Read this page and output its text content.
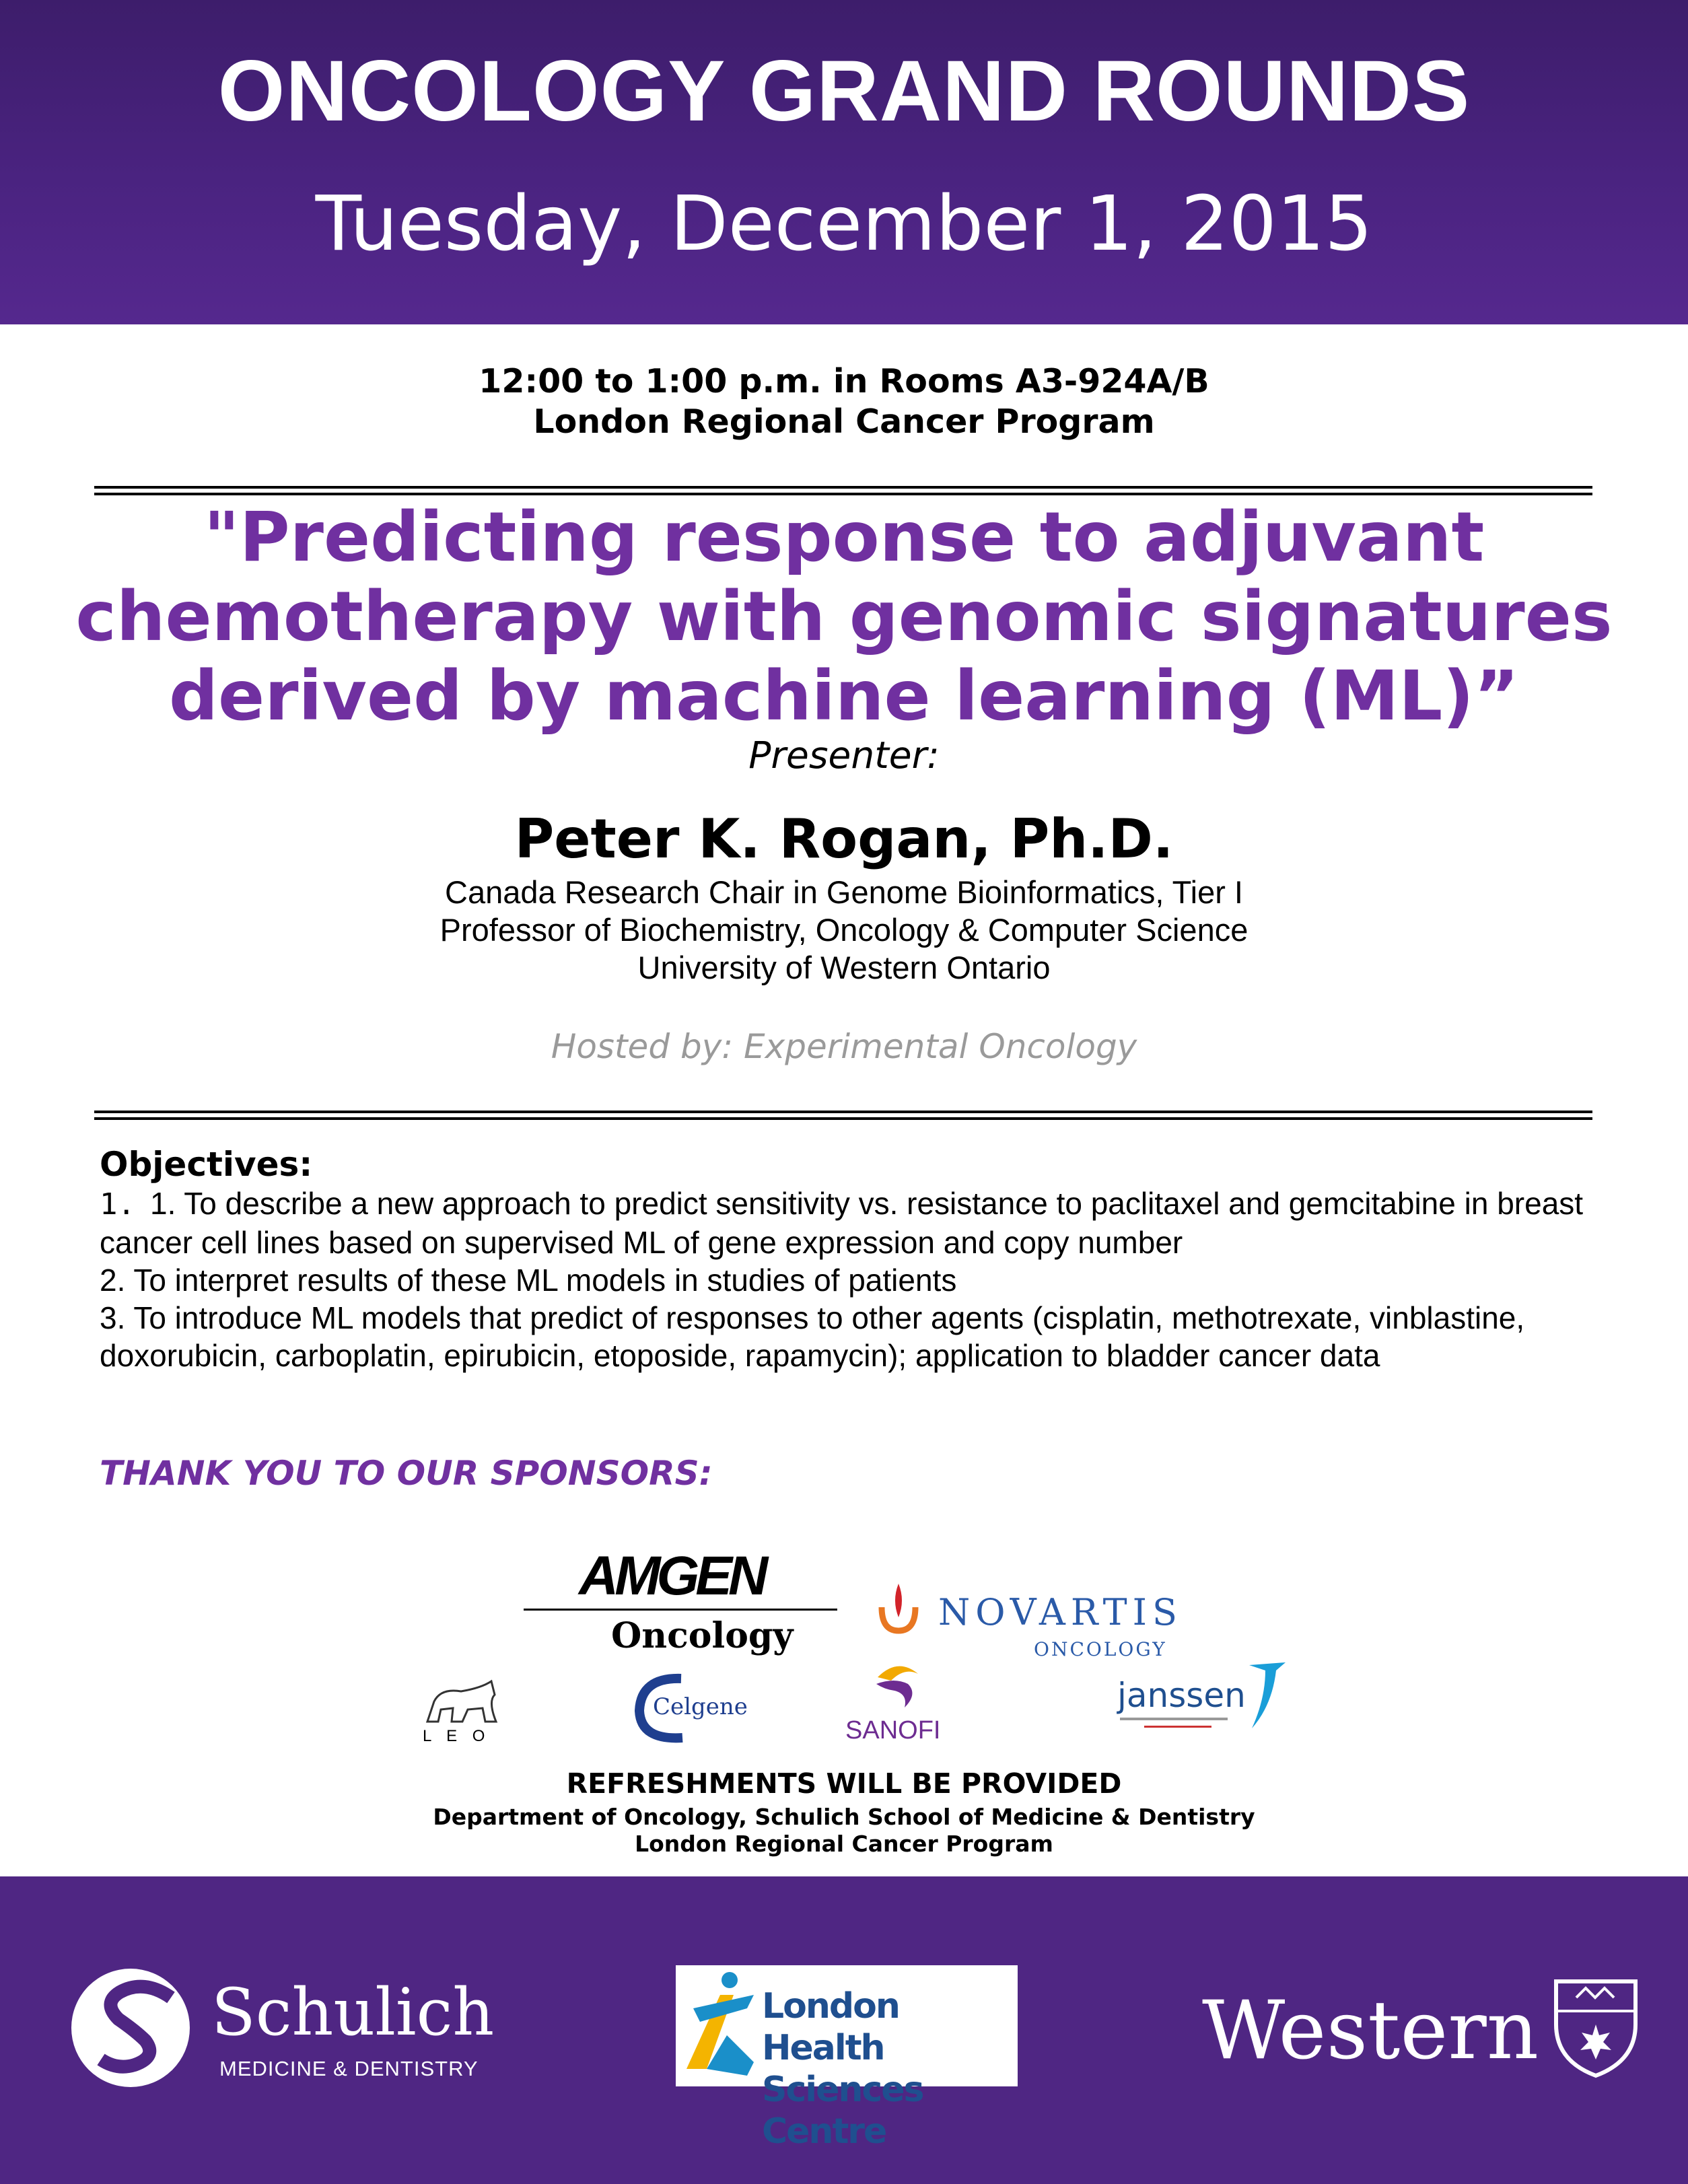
ONCOLOGY GRAND ROUNDS
Tuesday, December 1, 2015
12:00 to 1:00 p.m. in Rooms A3-924A/B
London Regional Cancer Program
"Predicting response to adjuvant
chemotherapy with genomic signatures
derived by machine learning (ML)”
Presenter:
Peter K. Rogan, Ph.D.
Canada Research Chair in Genome Bioinformatics, Tier I
Professor of Biochemistry, Oncology & Computer Science
University of Western Ontario
Hosted by: Experimental Oncology
Objectives:
1. 1. To describe a new approach to predict sensitivity vs. resistance to paclitaxel and gemcitabine in breast cancer cell lines based on supervised ML of gene expression and copy number
2. To interpret results of these ML models in studies of patients
3. To introduce ML models that predict of responses to other agents (cisplatin, methotrexate, vinblastine, doxorubicin, carboplatin, epirubicin, etoposide, rapamycin); application to bladder cancer data
THANK YOU TO OUR SPONSORS:
AMGEN
Oncology
NOVARTIS
ONCOLOGY
L E O
Celgene
SANOFI
janssen
REFRESHMENTS WILL BE PROVIDED
Department of Oncology, Schulich School of Medicine & Dentistry
London Regional Cancer Program
Schulich
MEDICINE & DENTISTRY
London Health
Sciences Centre
Western
